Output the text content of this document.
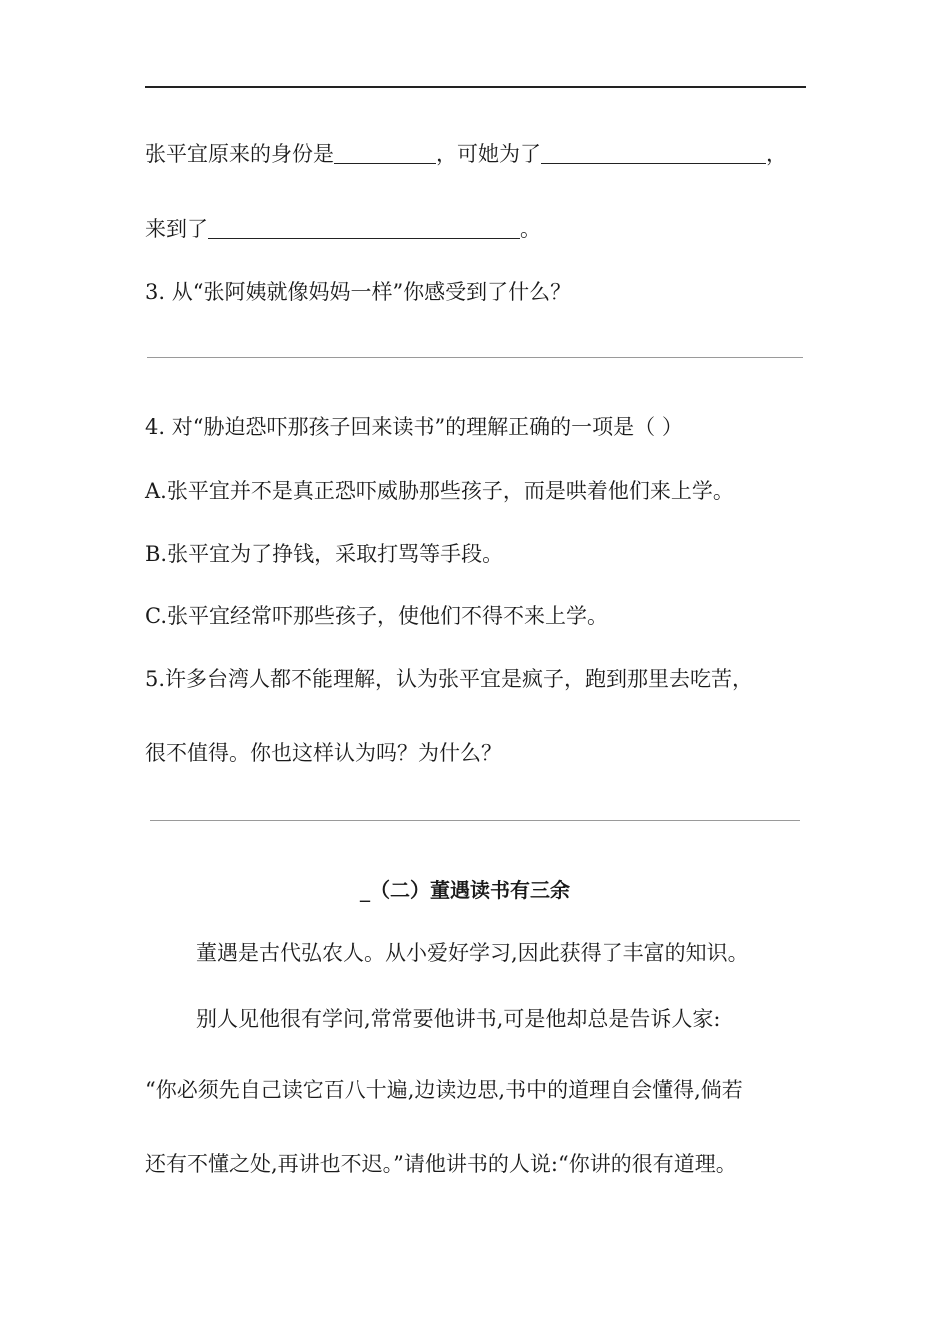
张平宜原来的身份是	，可她为了	，
来到了	。
3. 从“张阿姨就像妈妈一样”你感受到了什么？
4. 对“胁迫恐吓那孩子回来读书”的理解正确的一项是（ ）
A.张平宜并不是真正恐吓威胁那些孩子，而是哄着他们来上学。
B.张平宜为了挣钱，采取打骂等手段。
C.张平宜经常吓那些孩子，使他们不得不来上学。
5.许多台湾人都不能理解，认为张平宜是疯子，跑到那里去吃苦，
很不值得。你也这样认为吗？为什么？
_（二）董遇读书有三余
董遇是古代弘农人。从小爱好学习,因此获得了丰富的知识。
别人见他很有学问,常常要他讲书,可是他却总是告诉人家:
“你必须先自己读它百八十遍,边读边思,书中的道理自会懂得,倘若
还有不懂之处,再讲也不迟。”请他讲书的人说:“你讲的很有道理。
